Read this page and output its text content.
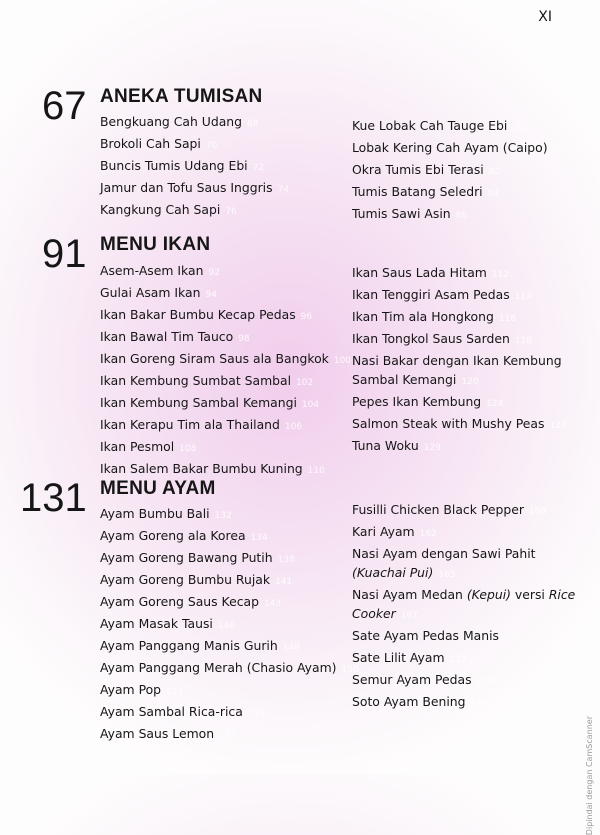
XI
67 ANEKA TUMISAN
Bengkuang Cah Udang 68
Brokoli Cah Sapi 70
Buncis Tumis Udang Ebi 72
Jamur dan Tofu Saus Inggris 74
Kangkung Cah Sapi 76
Kue Lobak Cah Tauge Ebi 78
Lobak Kering Cah Ayam (Caipo) 80
Okra Tumis Ebi Terasi 82
Tumis Batang Seledri 84
Tumis Sawi Asin 86
91 MENU IKAN
Asem-Asem Ikan 92
Gulai Asam Ikan 94
Ikan Bakar Bumbu Kecap Pedas 96
Ikan Bawal Tim Tauco 98
Ikan Goreng Siram Saus ala Bangkok 100
Ikan Kembung Sumbat Sambal 102
Ikan Kembung Sambal Kemangi 104
Ikan Kerapu Tim ala Thailand 106
Ikan Pesmol 108
Ikan Salem Bakar Bumbu Kuning 110
Ikan Saus Lada Hitam 112
Ikan Tenggiri Asam Pedas 114
Ikan Tim ala Hongkong 116
Ikan Tongkol Saus Sarden 118
Nasi Bakar dengan Ikan Kembung
Sambal Kemangi 120
Pepes Ikan Kembung 124
Salmon Steak with Mushy Peas 127
Tuna Woku 129
131 MENU AYAM
Ayam Bumbu Bali 132
Ayam Goreng ala Korea 134
Ayam Goreng Bawang Putih 138
Ayam Goreng Bumbu Rujak 141
Ayam Goreng Saus Kecap 143
Ayam Masak Tausi 146
Ayam Panggang Manis Gurih 148
Ayam Panggang Merah (Chasio Ayam) 150
Ayam Pop 153
Ayam Sambal Rica-rica 155
Ayam Saus Lemon 157
Fusilli Chicken Black Pepper 160
Kari Ayam 162
Nasi Ayam dengan Sawi Pahit
(Kuachai Pui) 165
Nasi Ayam Medan (Kepui) versi Rice
Cooker 167
Sate Ayam Pedas Manis 170
Sate Lilit Ayam 172
Semur Ayam Pedas 174
Soto Ayam Bening 176
Dipindai dengan CamScanner
